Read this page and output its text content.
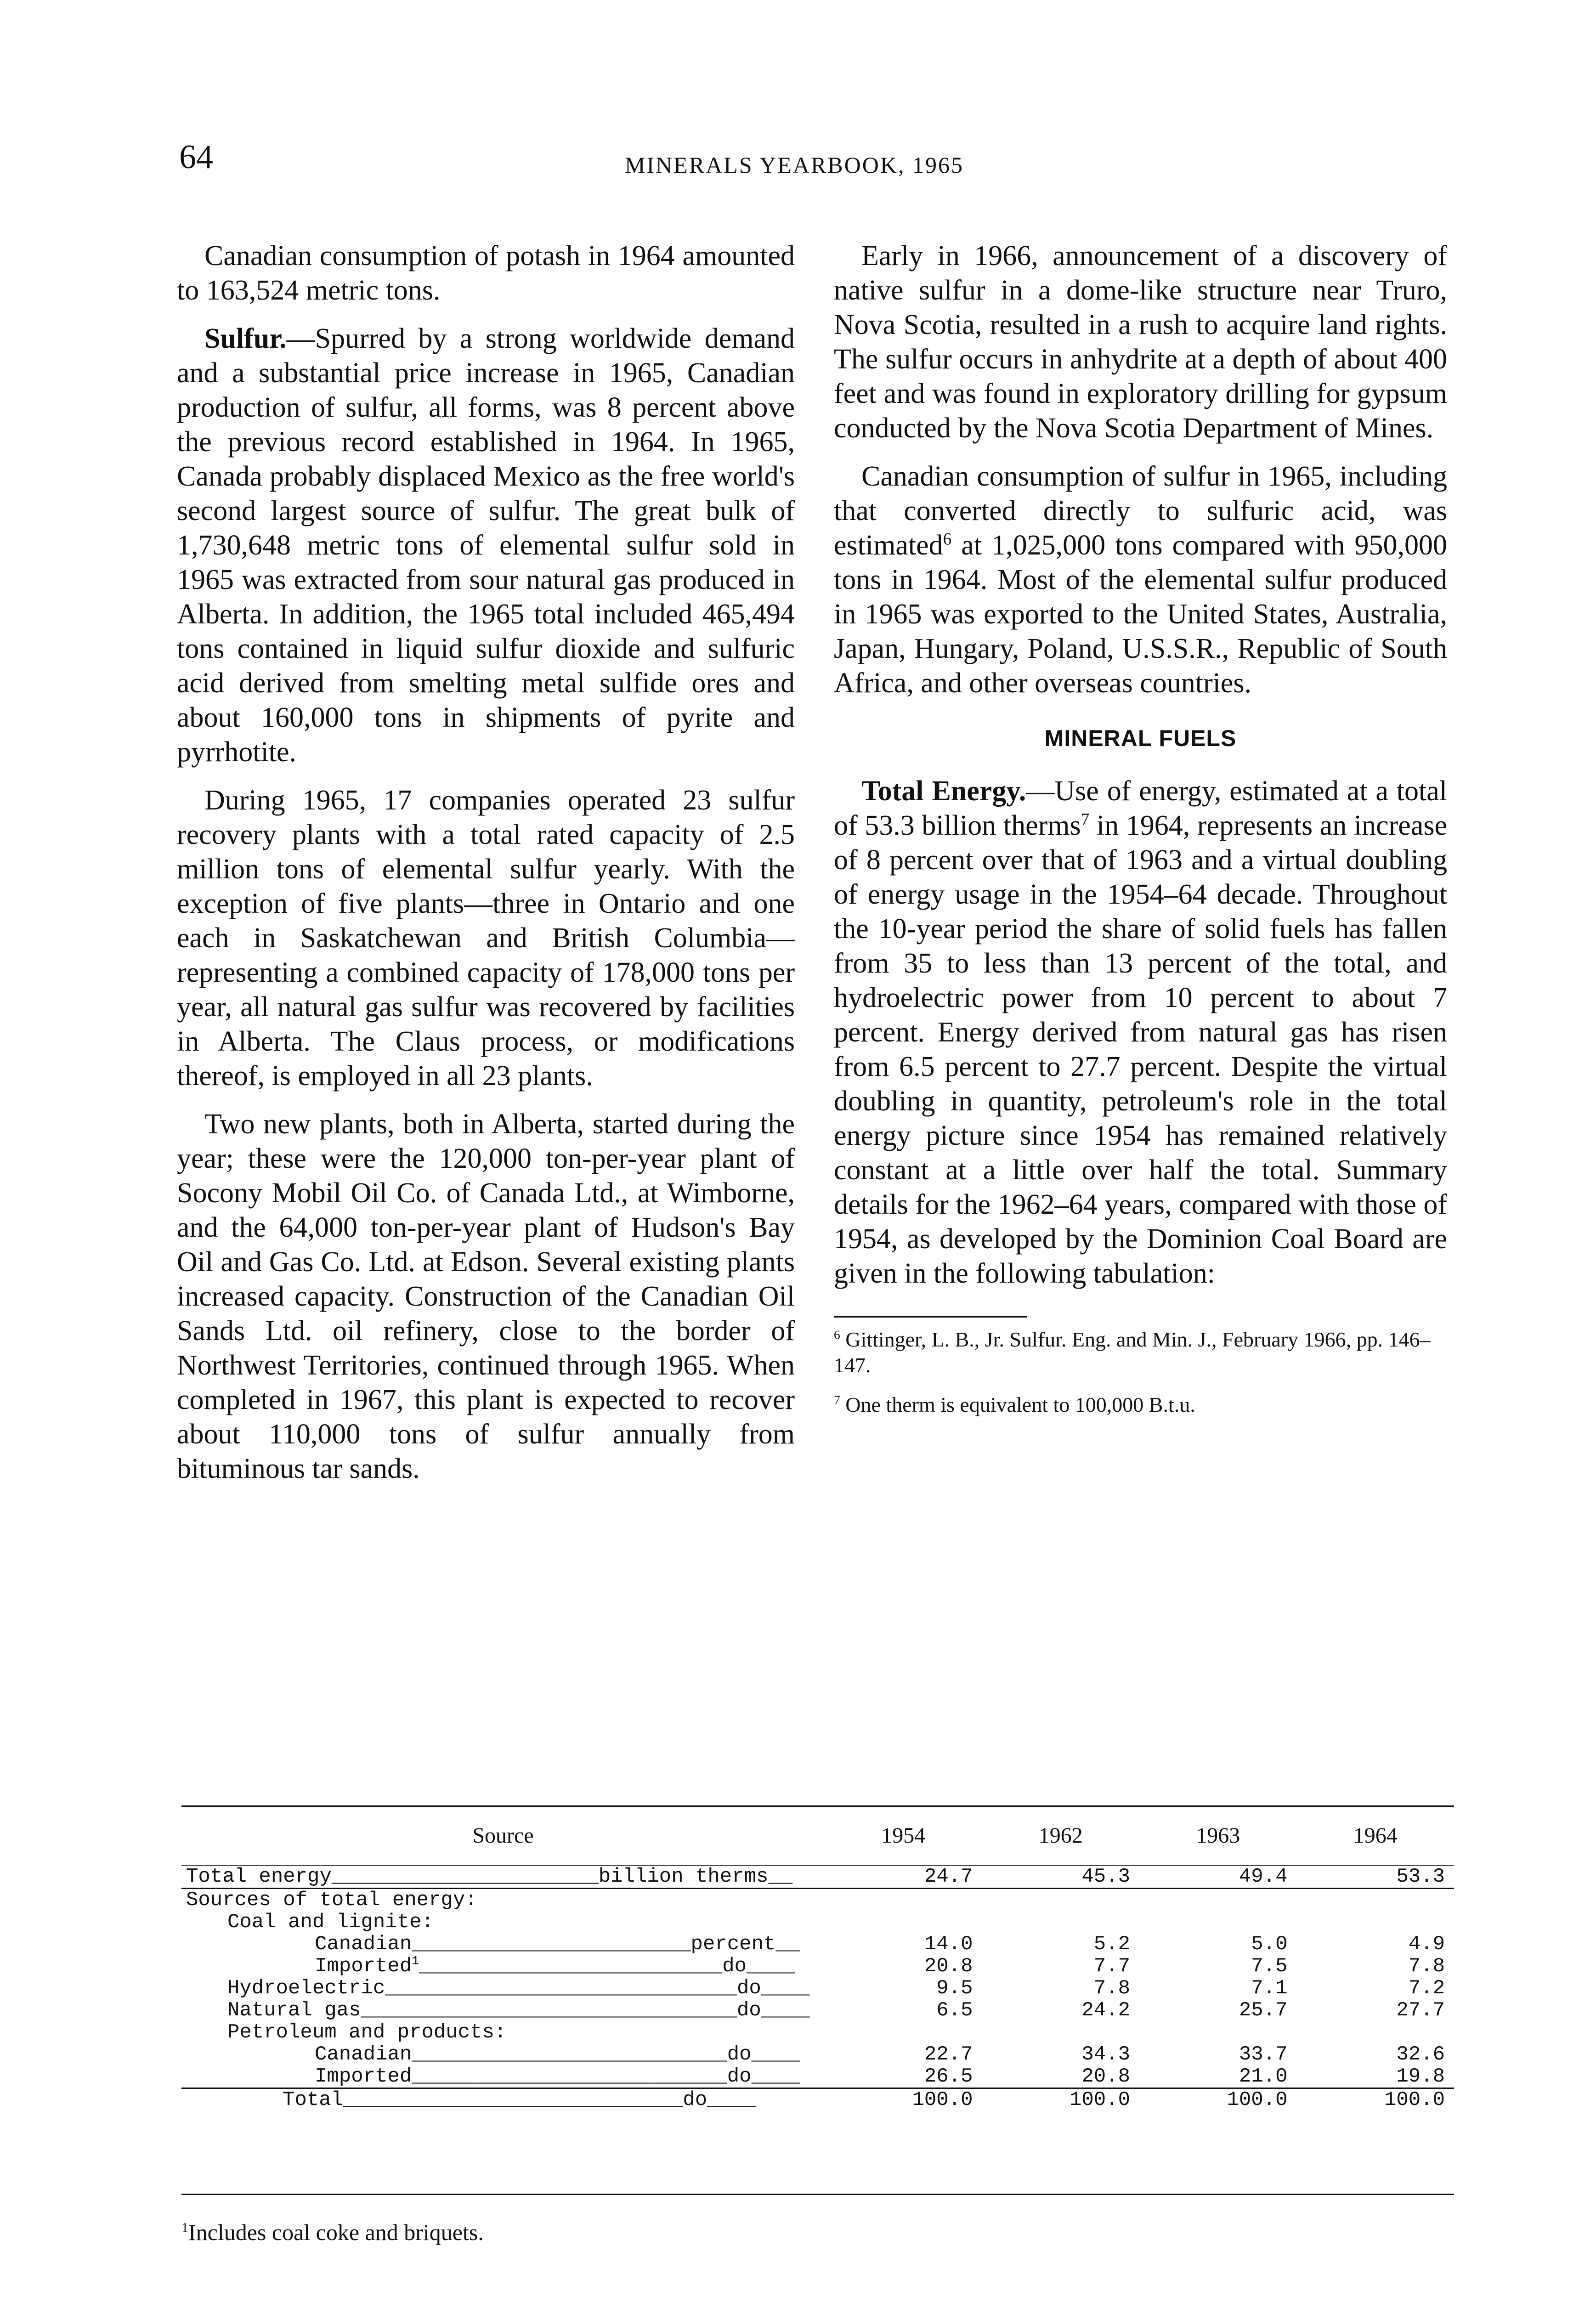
64	MINERALS YEARBOOK, 1965

Canadian consumption of potash in 1964 amounted to 163,524 metric tons.

Sulfur.—Spurred by a strong worldwide demand and a substantial price increase in 1965, Canadian production of sulfur, all forms, was 8 percent above the previous record established in 1964. In 1965, Canada probably displaced Mexico as the free world's second largest source of sulfur. The great bulk of 1,730,648 metric tons of elemental sulfur sold in 1965 was extracted from sour natural gas produced in Alberta. In addition, the 1965 total included 465,494 tons contained in liquid sulfur dioxide and sulfuric acid derived from smelting metal sulfide ores and about 160,000 tons in shipments of pyrite and pyrrhotite.

During 1965, 17 companies operated 23 sulfur recovery plants with a total rated capacity of 2.5 million tons of elemental sulfur yearly. With the exception of five plants—three in Ontario and one each in Saskatchewan and British Columbia—representing a combined capacity of 178,000 tons per year, all natural gas sulfur was recovered by facilities in Alberta. The Claus process, or modifications thereof, is employed in all 23 plants.

Two new plants, both in Alberta, started during the year; these were the 120,000 ton-per-year plant of Socony Mobil Oil Co. of Canada Ltd., at Wimborne, and the 64,000 ton-per-year plant of Hudson's Bay Oil and Gas Co. Ltd. at Edson. Several existing plants increased capacity. Construction of the Canadian Oil Sands Ltd. oil refinery, close to the border of Northwest Territories, continued through 1965. When completed in 1967, this plant is expected to recover about 110,000 tons of sulfur annually from bituminous tar sands.

Early in 1966, announcement of a discovery of native sulfur in a dome-like structure near Truro, Nova Scotia, resulted in a rush to acquire land rights. The sulfur occurs in anhydrite at a depth of about 400 feet and was found in exploratory drilling for gypsum conducted by the Nova Scotia Department of Mines.

Canadian consumption of sulfur in 1965, including that converted directly to sulfuric acid, was estimated$^6$ at 1,025,000 tons compared with 950,000 tons in 1964. Most of the elemental sulfur produced in 1965 was exported to the United States, Australia, Japan, Hungary, Poland, U.S.S.R., Republic of South Africa, and other overseas countries.

MINERAL FUELS

Total Energy.—Use of energy, estimated at a total of 53.3 billion therms$^7$ in 1964, represents an increase of 8 percent over that of 1963 and a virtual doubling of energy usage in the 1954–64 decade. Throughout the 10-year period the share of solid fuels has fallen from 35 to less than 13 percent of the total, and hydroelectric power from 10 percent to about 7 percent. Energy derived from natural gas has risen from 6.5 percent to 27.7 percent. Despite the virtual doubling in quantity, petroleum's role in the total energy picture since 1954 has remained relatively constant at a little over half the total. Summary details for the 1962–64 years, compared with those of 1954, as developed by the Dominion Coal Board are given in the following tabulation:

$^6$ Gittinger, L. B., Jr. Sulfur. Eng. and Min. J., February 1966, pp. 146–147.

$^7$ One therm is equivalent to 100,000 B.t.u.

Source	1954	1962	1963	1964
Total energy______________________billion therms__	24.7	45.3	49.4	53.3
Sources of total energy:				
Coal and lignite:				
Canadian_______________________percent__	14.0	5.2	5.0	4.9
Imported$^1$_________________________do____	20.8	7.7	7.5	7.8
Hydroelectric_____________________________do____	9.5	7.8	7.1	7.2
Natural gas_______________________________do____	6.5	24.2	25.7	27.7
Petroleum and products:				
Canadian__________________________do____	22.7	34.3	33.7	32.6
Imported__________________________do____	26.5	20.8	21.0	19.8
Total____________________________do____	100.0	100.0	100.0	100.0
$^1$Includes coal coke and briquets.
